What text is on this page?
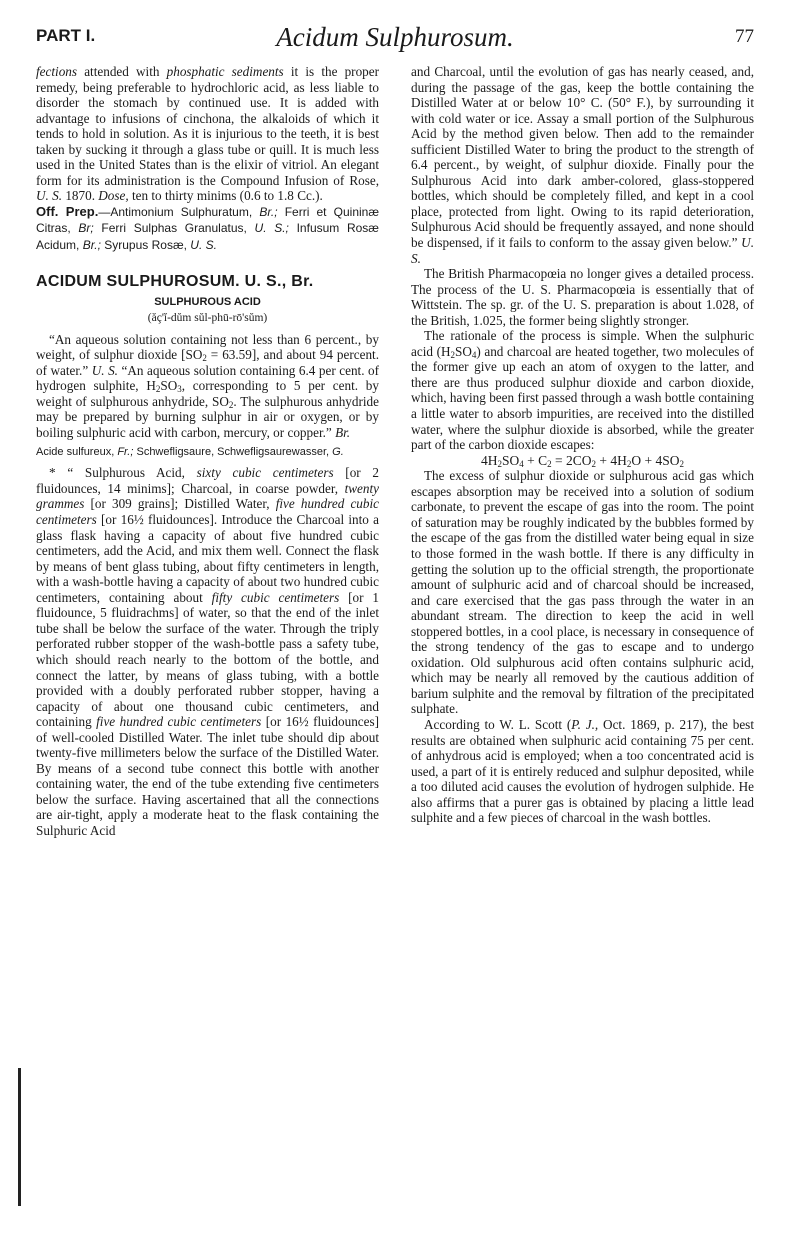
PART I.	Acidum Sulphurosum.	77

fections attended with phosphatic sediments it is the proper remedy, being preferable to hydrochloric acid, as less liable to disorder the stomach by continued use. It is added with advantage to infusions of cinchona, the alkaloids of which it tends to hold in solution. As it is injurious to the teeth, it is best taken by sucking it through a glass tube or quill. It is much less used in the United States than is the elixir of vitriol. An elegant form for its administration is the Compound Infusion of Rose, U. S. 1870. Dose, ten to thirty minims (0.6 to 1.8 Cc.).

Off. Prep.—Antimonium Sulphuratum, Br.; Ferri et Quininæ Citras, Br; Ferri Sulphas Granulatus, U. S.; Infusum Rosæ Acidum, Br.; Syrupus Rosæ, U. S.

ACIDUM SULPHUROSUM. U. S., Br.
SULPHUROUS ACID
(ăç'ĭ-dŭm sŭl-phū-rō'sŭm)

“An aqueous solution containing not less than 6 percent., by weight, of sulphur dioxide $[SO_2 = 63.59]$, and about 94 percent. of water.” U. S. “An aqueous solution containing 6.4 per cent. of hydrogen sulphite, $H_2SO_3$, corresponding to 5 per cent. by weight of sulphurous anhydride, $SO_2$. The sulphurous anhydride may be prepared by burning sulphur in air or oxygen, or by boiling sulphuric acid with carbon, mercury, or copper.” Br.

Acide sulfureux, Fr.; Schwefligsaure, Schwefligsaurewasser, G.

* “ Sulphurous Acid, sixty cubic centimeters [or 2 fluidounces, 14 minims]; Charcoal, in coarse powder, twenty grammes [or 309 grains]; Distilled Water, five hundred cubic centimeters [or 16½ fluidounces]. Introduce the Charcoal into a glass flask having a capacity of about five hundred cubic centimeters, add the Acid, and mix them well. Connect the flask by means of bent glass tubing, about fifty centimeters in length, with a wash-bottle having a capacity of about two hundred cubic centimeters, containing about fifty cubic centimeters [or 1 fluidounce, 5 fluidrachms] of water, so that the end of the inlet tube shall be below the surface of the water. Through the triply perforated rubber stopper of the wash-bottle pass a safety tube, which should reach nearly to the bottom of the bottle, and connect the latter, by means of glass tubing, with a bottle provided with a doubly perforated rubber stopper, having a capacity of about one thousand cubic centimeters, and containing five hundred cubic centimeters [or 16½ fluidounces] of well-cooled Distilled Water. The inlet tube should dip about twenty-five millimeters below the surface of the Distilled Water. By means of a second tube connect this bottle with another containing water, the end of the tube extending five centimeters below the surface. Having ascertained that all the connections are air-tight, apply a moderate heat to the flask containing the Sulphuric Acid

and Charcoal, until the evolution of gas has nearly ceased, and, during the passage of the gas, keep the bottle containing the Distilled Water at or below 10° C. (50° F.), by surrounding it with cold water or ice. Assay a small portion of the Sulphurous Acid by the method given below. Then add to the remainder sufficient Distilled Water to bring the product to the strength of 6.4 percent., by weight, of sulphur dioxide. Finally pour the Sulphurous Acid into dark amber-colored, glass-stoppered bottles, which should be completely filled, and kept in a cool place, protected from light. Owing to its rapid deterioration, Sulphurous Acid should be frequently assayed, and none should be dispensed, if it fails to conform to the assay given below.” U. S.

The British Pharmacopœia no longer gives a detailed process. The process of the U. S. Pharmacopœia is essentially that of Wittstein. The sp. gr. of the U. S. preparation is about 1.028, of the British, 1.025, the former being slightly stronger.

The rationale of the process is simple. When the sulphuric acid $(H_2SO_4)$ and charcoal are heated together, two molecules of the former give up each an atom of oxygen to the latter, and there are thus produced sulphur dioxide and carbon dioxide, which, having been first passed through a wash bottle containing a little water to absorb impurities, are received into the distilled water, where the sulphur dioxide is absorbed, while the greater part of the carbon dioxide escapes:

$4H_2SO_4 + C_2 = 2CO_2 + 4H_2O + 4SO_2$

The excess of sulphur dioxide or sulphurous acid gas which escapes absorption may be received into a solution of sodium carbonate, to prevent the escape of gas into the room. The point of saturation may be roughly indicated by the bubbles formed by the escape of the gas from the distilled water being equal in size to those formed in the wash bottle. If there is any difficulty in getting the solution up to the official strength, the proportionate amount of sulphuric acid and of charcoal should be increased, and care exercised that the gas pass through the water in an abundant stream. The direction to keep the acid in well stoppered bottles, in a cool place, is necessary in consequence of the strong tendency of the gas to escape and to undergo oxidation. Old sulphurous acid often contains sulphuric acid, which may be nearly all removed by the cautious addition of barium sulphite and the removal by filtration of the precipitated sulphate.

According to W. L. Scott (P. J., Oct. 1869, p. 217), the best results are obtained when sulphuric acid containing 75 per cent. of anhydrous acid is employed; when a too concentrated acid is used, a part of it is entirely reduced and sulphur deposited, while a too diluted acid causes the evolution of hydrogen sulphide. He also affirms that a purer gas is obtained by placing a little lead sulphite and a few pieces of charcoal in the wash bottles.
